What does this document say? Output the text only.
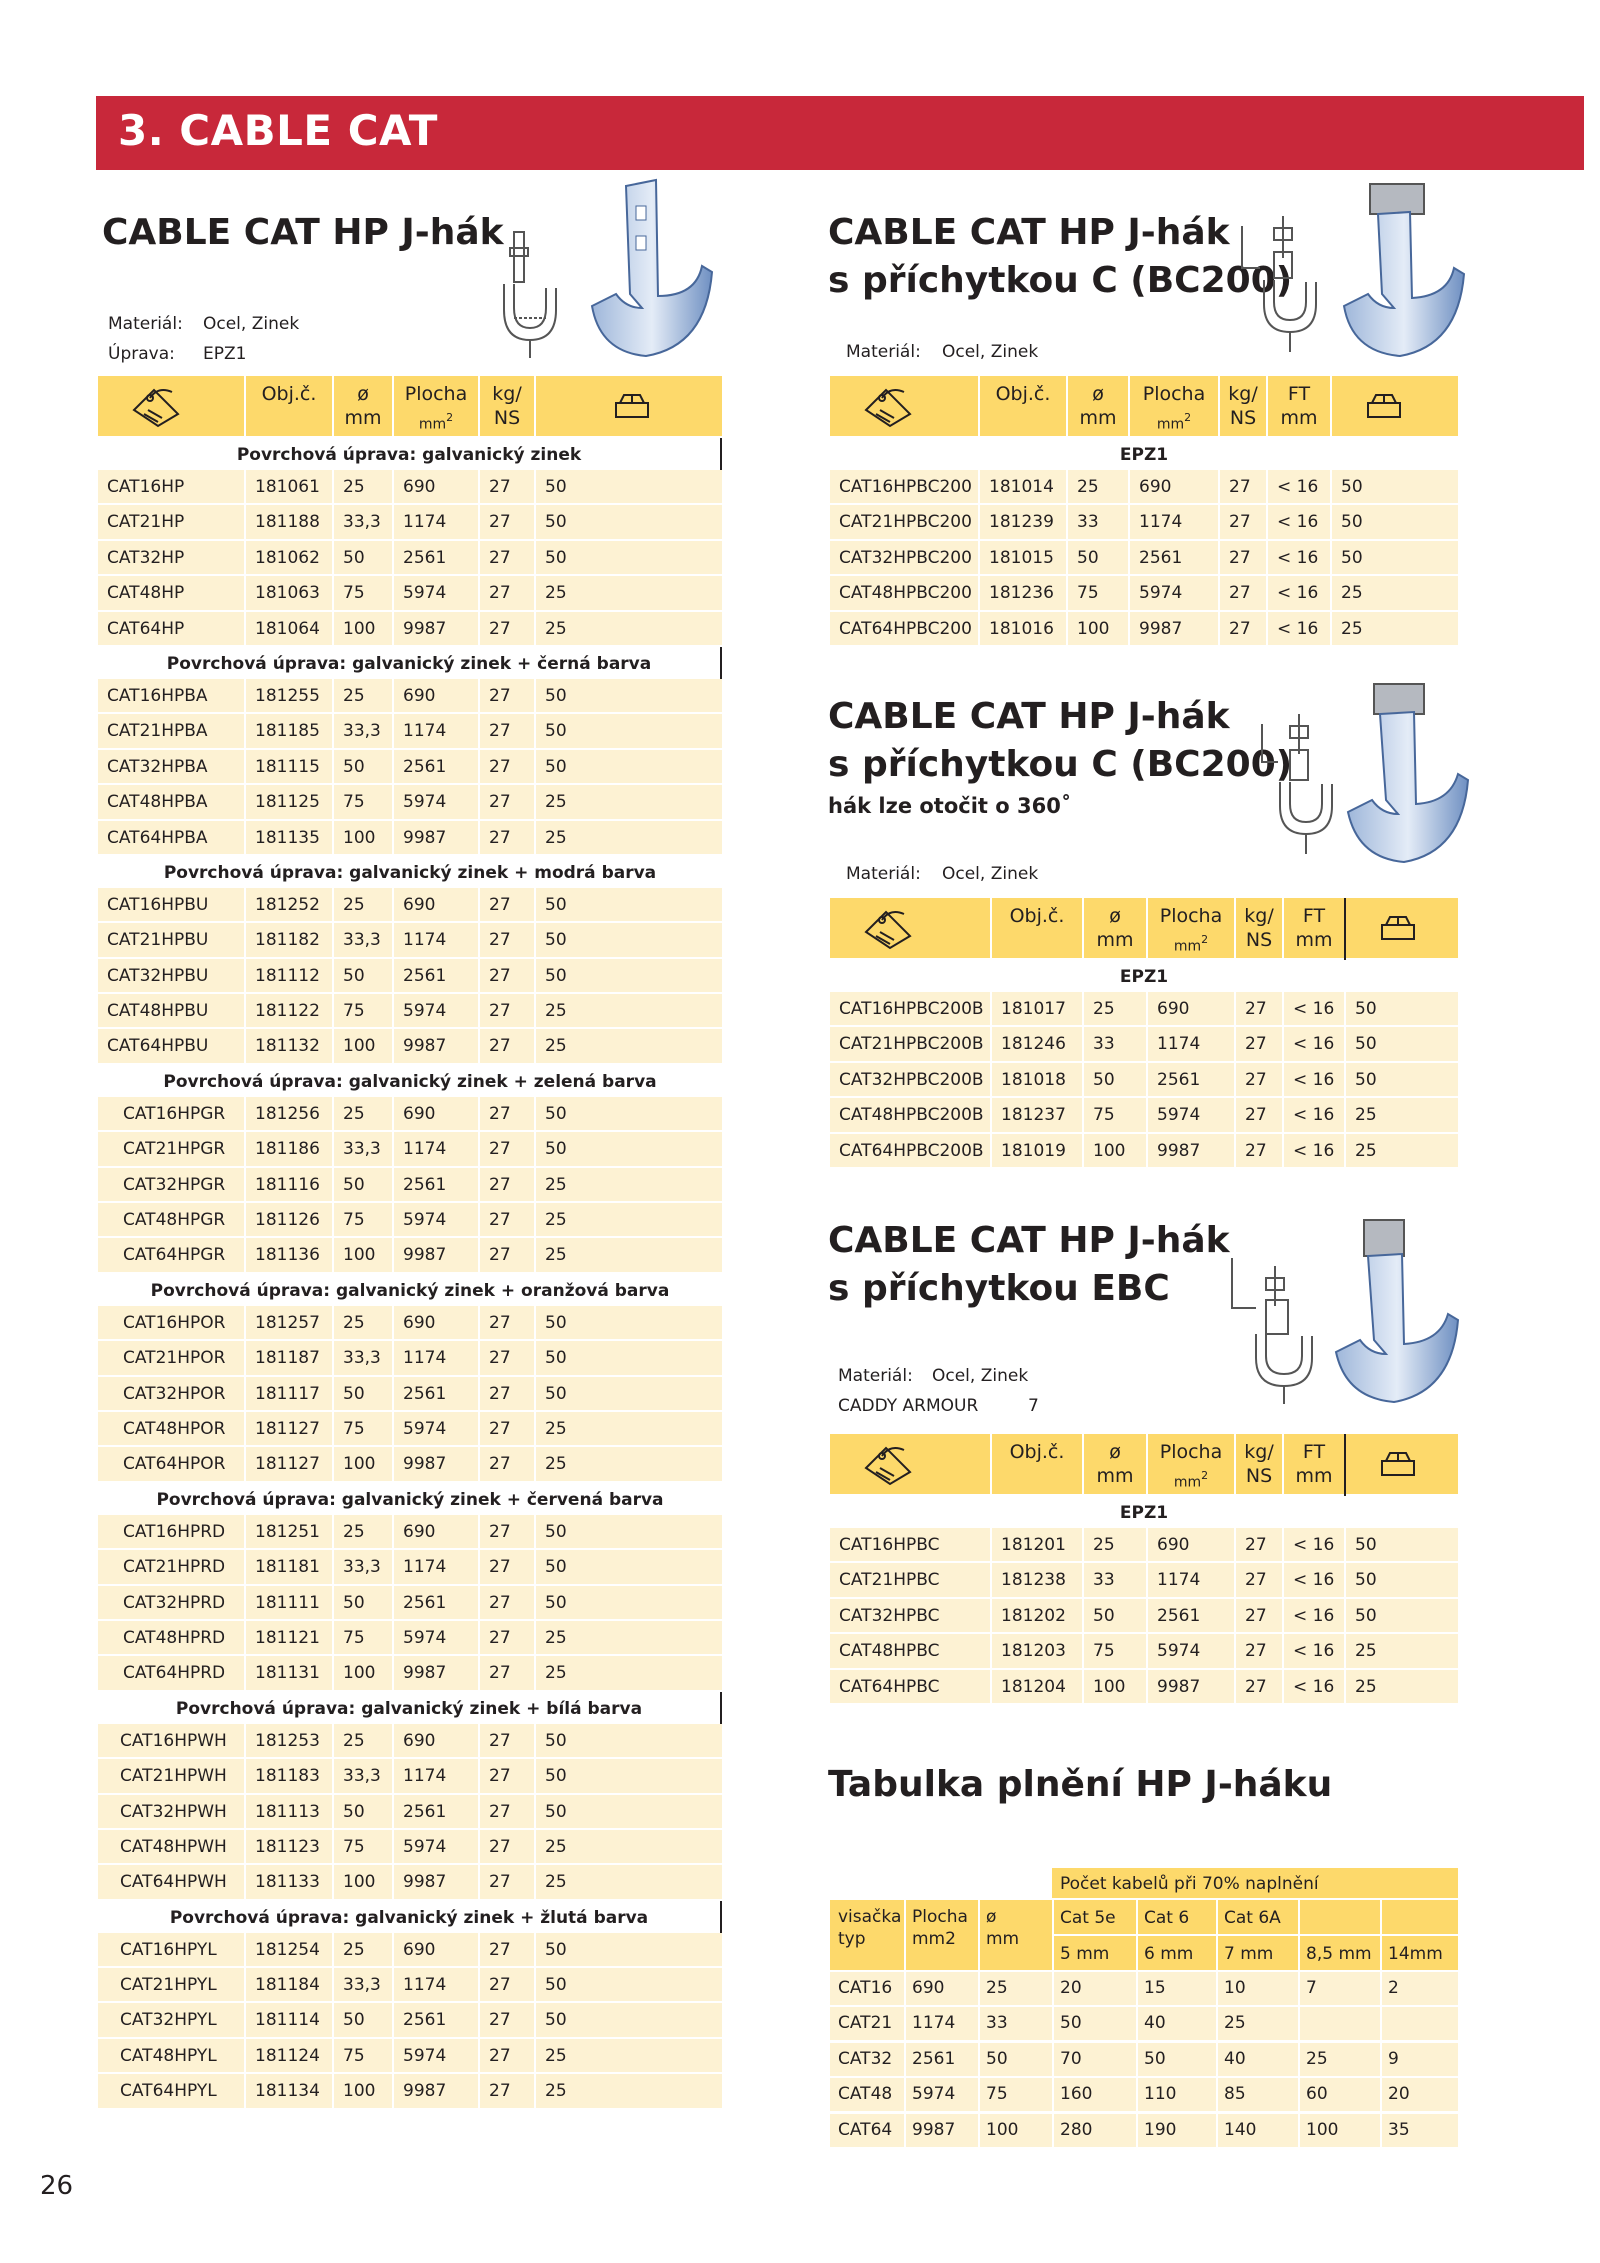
3. CABLE CAT
CABLE CAT HP J-hák
Materiál: Ocel, Zinek
Úprava: EPZ1
Obj.č.	ø
mm
Plocha
$mm^2$
kg/
NS
Povrchová úprava: galvanický zinek
CAT16HP	181061	25	690	27	50
CAT21HP	181188	33,3	1174	27	50
CAT32HP	181062	50	2561	27	50
CAT48HP	181063	75	5974	27	25
CAT64HP	181064	100	9987	27	25
Povrchová úprava: galvanický zinek + černá barva
CAT16HPBA	181255	25	690	27	50
CAT21HPBA	181185	33,3	1174	27	50
CAT32HPBA	181115	50	2561	27	50
CAT48HPBA	181125	75	5974	27	25
CAT64HPBA	181135	100	9987	27	25
Povrchová úprava: galvanický zinek + modrá barva
CAT16HPBU	181252	25	690	27	50
CAT21HPBU	181182	33,3	1174	27	50
CAT32HPBU	181112	50	2561	27	50
CAT48HPBU	181122	75	5974	27	25
CAT64HPBU	181132	100	9987	27	25
Povrchová úprava: galvanický zinek + zelená barva
CAT16HPGR	181256	25	690	27	50
CAT21HPGR	181186	33,3	1174	27	50
CAT32HPGR	181116	50	2561	27	25
CAT48HPGR	181126	75	5974	27	25
CAT64HPGR	181136	100	9987	27	25
Povrchová úprava: galvanický zinek + oranžová barva
CAT16HPOR	181257	25	690	27	50
CAT21HPOR	181187	33,3	1174	27	50
CAT32HPOR	181117	50	2561	27	50
CAT48HPOR	181127	75	5974	27	25
CAT64HPOR	181127	100	9987	27	25
Povrchová úprava: galvanický zinek + červená barva
CAT16HPRD	181251	25	690	27	50
CAT21HPRD	181181	33,3	1174	27	50
CAT32HPRD	181111	50	2561	27	50
CAT48HPRD	181121	75	5974	27	25
CAT64HPRD	181131	100	9987	27	25
Povrchová úprava: galvanický zinek + bílá barva
CAT16HPWH	181253	25	690	27	50
CAT21HPWH	181183	33,3	1174	27	50
CAT32HPWH	181113	50	2561	27	50
CAT48HPWH	181123	75	5974	27	25
CAT64HPWH	181133	100	9987	27	25
Povrchová úprava: galvanický zinek + žlutá barva
CAT16HPYL	181254	25	690	27	50
CAT21HPYL	181184	33,3	1174	27	50
CAT32HPYL	181114	50	2561	27	50
CAT48HPYL	181124	75	5974	27	25
CAT64HPYL	181134	100	9987	27	25
CABLE CAT HP J-hák
s příchytkou C (BC200)
Materiál: Ocel, Zinek
Obj.č.	ø
mm
Plocha
$mm^2$
kg/
NS
FT
mm
EPZ1
CAT16HPBC200	181014	25	690	27	< 16	50
CAT21HPBC200	181239	33	1174	27	< 16	50
CAT32HPBC200	181015	50	2561	27	< 16	50
CAT48HPBC200	181236	75	5974	27	< 16	25
CAT64HPBC200	181016	100	9987	27	< 16	25
CABLE CAT HP J-hák
s příchytkou C (BC200)
hák lze otočit o 360˚
Materiál: Ocel, Zinek
Obj.č.	ø
mm
Plocha
$mm^2$
kg/
NS
FT
mm
EPZ1
CAT16HPBC200B	181017	25	690	27	< 16	50
CAT21HPBC200B	181246	33	1174	27	< 16	50
CAT32HPBC200B	181018	50	2561	27	< 16	50
CAT48HPBC200B	181237	75	5974	27	< 16	25
CAT64HPBC200B	181019	100	9987	27	< 16	25
CABLE CAT HP J-hák
s příchytkou EBC
Materiál: Ocel, Zinek
CADDY ARMOUR	7
Obj.č.	ø
mm
Plocha
$mm^2$
kg/
NS
FT
mm
EPZ1
CAT16HPBC	181201	25	690	27	< 16	50
CAT21HPBC	181238	33	1174	27	< 16	50
CAT32HPBC	181202	50	2561	27	< 16	50
CAT48HPBC	181203	75	5974	27	< 16	25
CAT64HPBC	181204	100	9987	27	< 16	25
Tabulka plnění HP J-háku
Počet kabelů při 70% naplnění
visačka typ
Plocha mm2
ø mm
Cat 5e Cat 6 Cat 6A
5 mm 6 mm 7 mm 8,5 mm 14mm
CAT16 690 25	20	15	10	7	2
CAT21 1174 33	50	40	25
CAT32 2561 50	70	50	40	25	9
CAT48 5974 75	160	110	85	60	20
CAT64 9987 100 280	190	140	100	35
26
